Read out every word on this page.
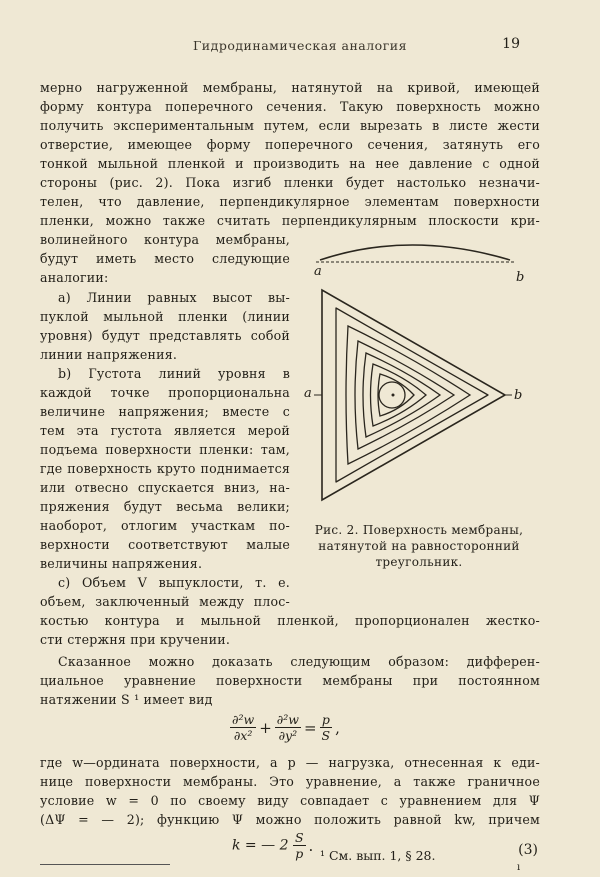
Гидродинамическая аналогия	19
мерно нагруженной мембраны, натянутой на кривой, имеющей
форму контура поперечного сечения. Такую поверхность можно
получить экспериментальным путем, если вырезать в листе жести
отверстие, имеющее форму поперечного сечения, затянуть его
тонкой мыльной пленкой и производить на нее давление с одной
стороны (рис. 2). Пока изгиб пленки будет настолько незначи-
телен, что давление, перпендикулярное элементам поверхности
пленки, можно также считать перпендикулярным плоскости кри-
волинейного контура мембраны,
будут иметь место следующие
аналогии:
a) Линии равных высот вы-
пуклой мыльной пленки (линии
уровня) будут представлять собой
линии напряжения.
b) Густота линий уровня в
каждой точке пропорциональна
величине напряжения; вместе с
тем эта густота является мерой
подъема поверхности пленки: там,
где поверхность круто поднимается
или отвесно спускается вниз, на-
пряжения будут весьма велики;
наоборот, отлогим участкам по-
верхности соответствуют малые
величины напряжения.
c) Объем V выпуклости, т. е.
a	b
a	b
Рис. 2. Поверхность мембраны,
натянутой на равносторонний
треугольник.
объем, заключенный между плос-
костью контура и мыльной пленкой, пропорционален жестко-
сти стержня при кручении.
Сказанное можно доказать следующим образом: дифферен-
циальное уравнение поверхности мембраны при постоянном
натяжении S ¹ имеет вид
$\frac{\text{∂²w}}{\text{∂x²}} + \frac{\text{∂²w}}{\text{∂y²}} = \frac{p}{S}$ ,
где w—ордината поверхности, а p — нагрузка, отнесенная к еди-
нице поверхности мембраны. Это уравнение, а также граничное
условие w = 0 по своему виду совпадает с уравнением для Ψ
(ΔΨ = — 2); функцию Ψ можно положить равной kw, причем
k = — $2 \frac{S}{p}$ .	(3)
¹ См. вып. 1, § 28.
ı
